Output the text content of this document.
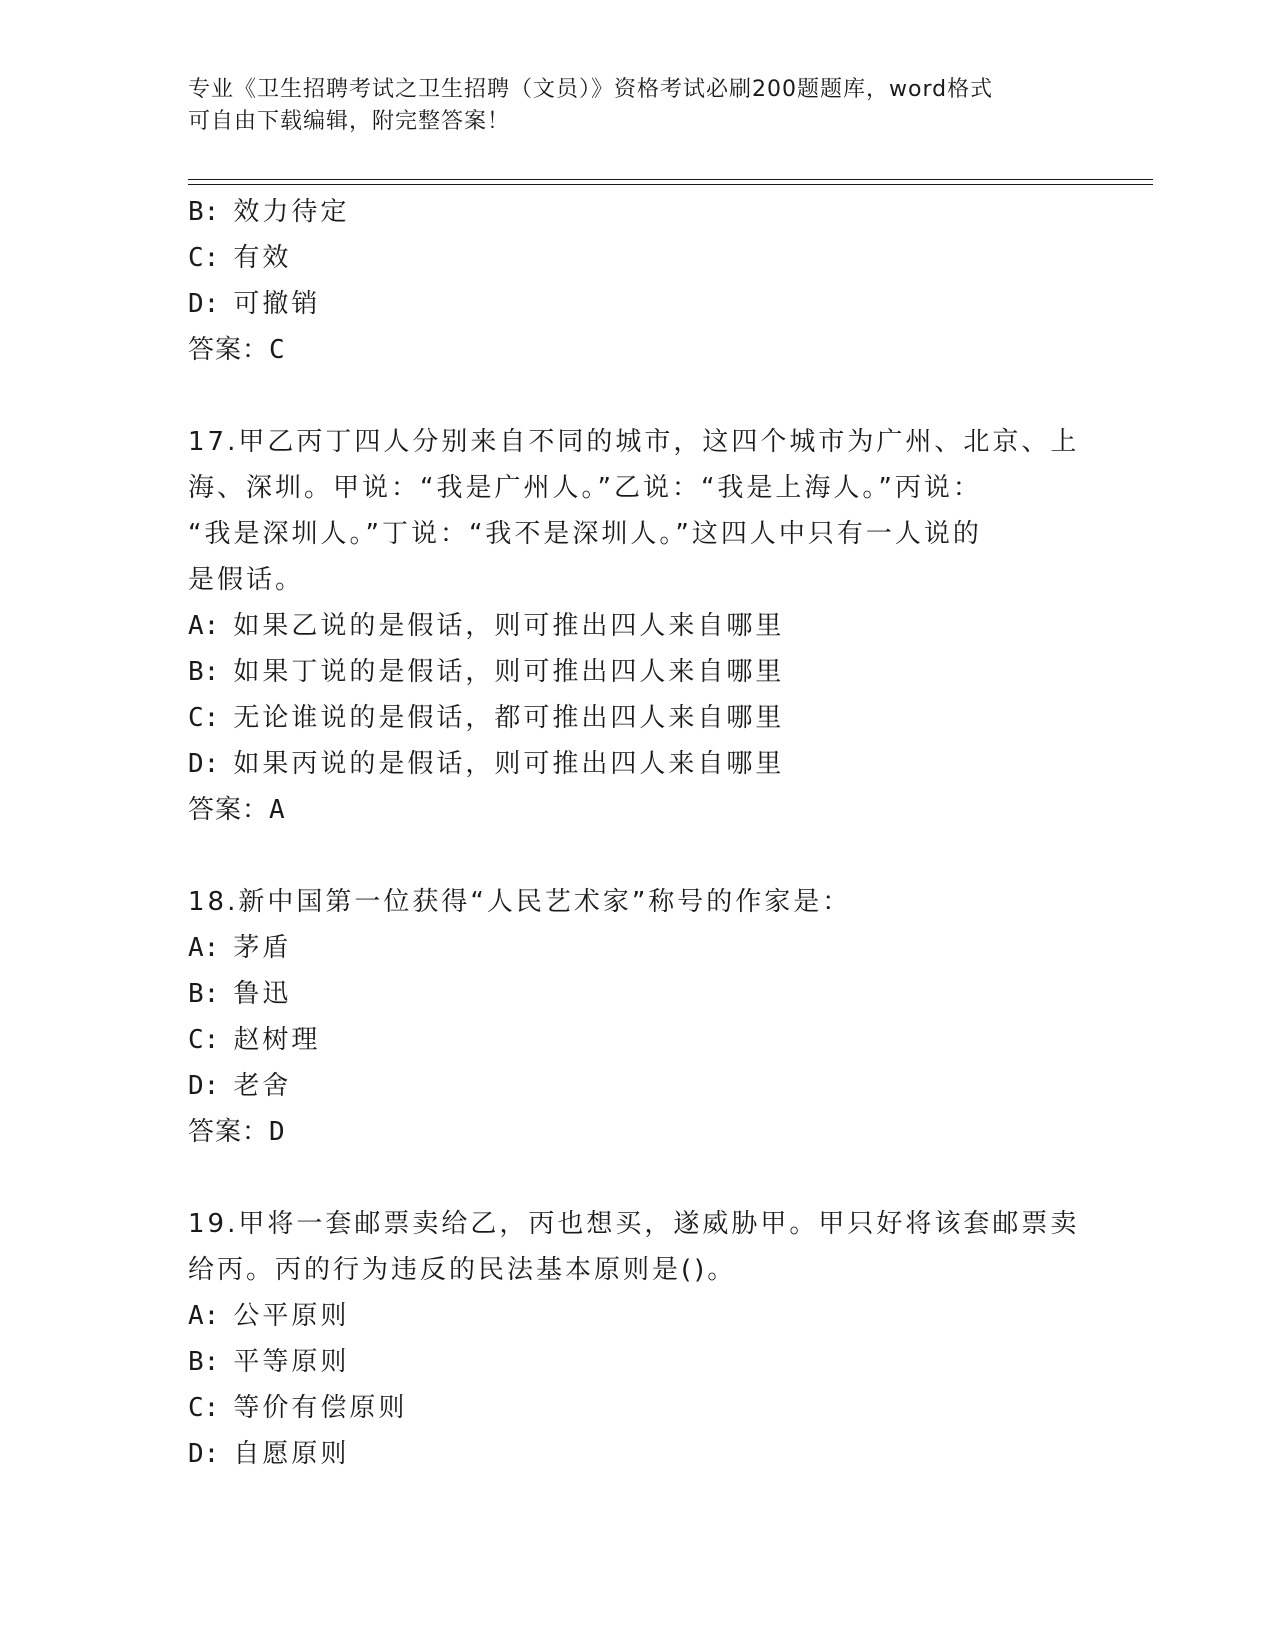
专业《卫生招聘考试之卫生招聘（文员）》资格考试必刷200题题库，word格式
可自由下载编辑，附完整答案！
B: 效力待定
C: 有效
D: 可撤销
答案：C
17.甲乙丙丁四人分别来自不同的城市，这四个城市为广州、北京、上
海、深圳。甲说：“我是广州人。”乙说：“我是上海人。”丙说：
“我是深圳人。”丁说：“我不是深圳人。”这四人中只有一人说的
是假话。
A: 如果乙说的是假话，则可推出四人来自哪里
B: 如果丁说的是假话，则可推出四人来自哪里
C: 无论谁说的是假话，都可推出四人来自哪里
D: 如果丙说的是假话，则可推出四人来自哪里
答案：A
18.新中国第一位获得“人民艺术家”称号的作家是：
A: 茅盾
B: 鲁迅
C: 赵树理
D: 老舍
答案：D
19.甲将一套邮票卖给乙，丙也想买，遂威胁甲。甲只好将该套邮票卖
给丙。丙的行为违反的民法基本原则是()。
A: 公平原则
B: 平等原则
C: 等价有偿原则
D: 自愿原则
